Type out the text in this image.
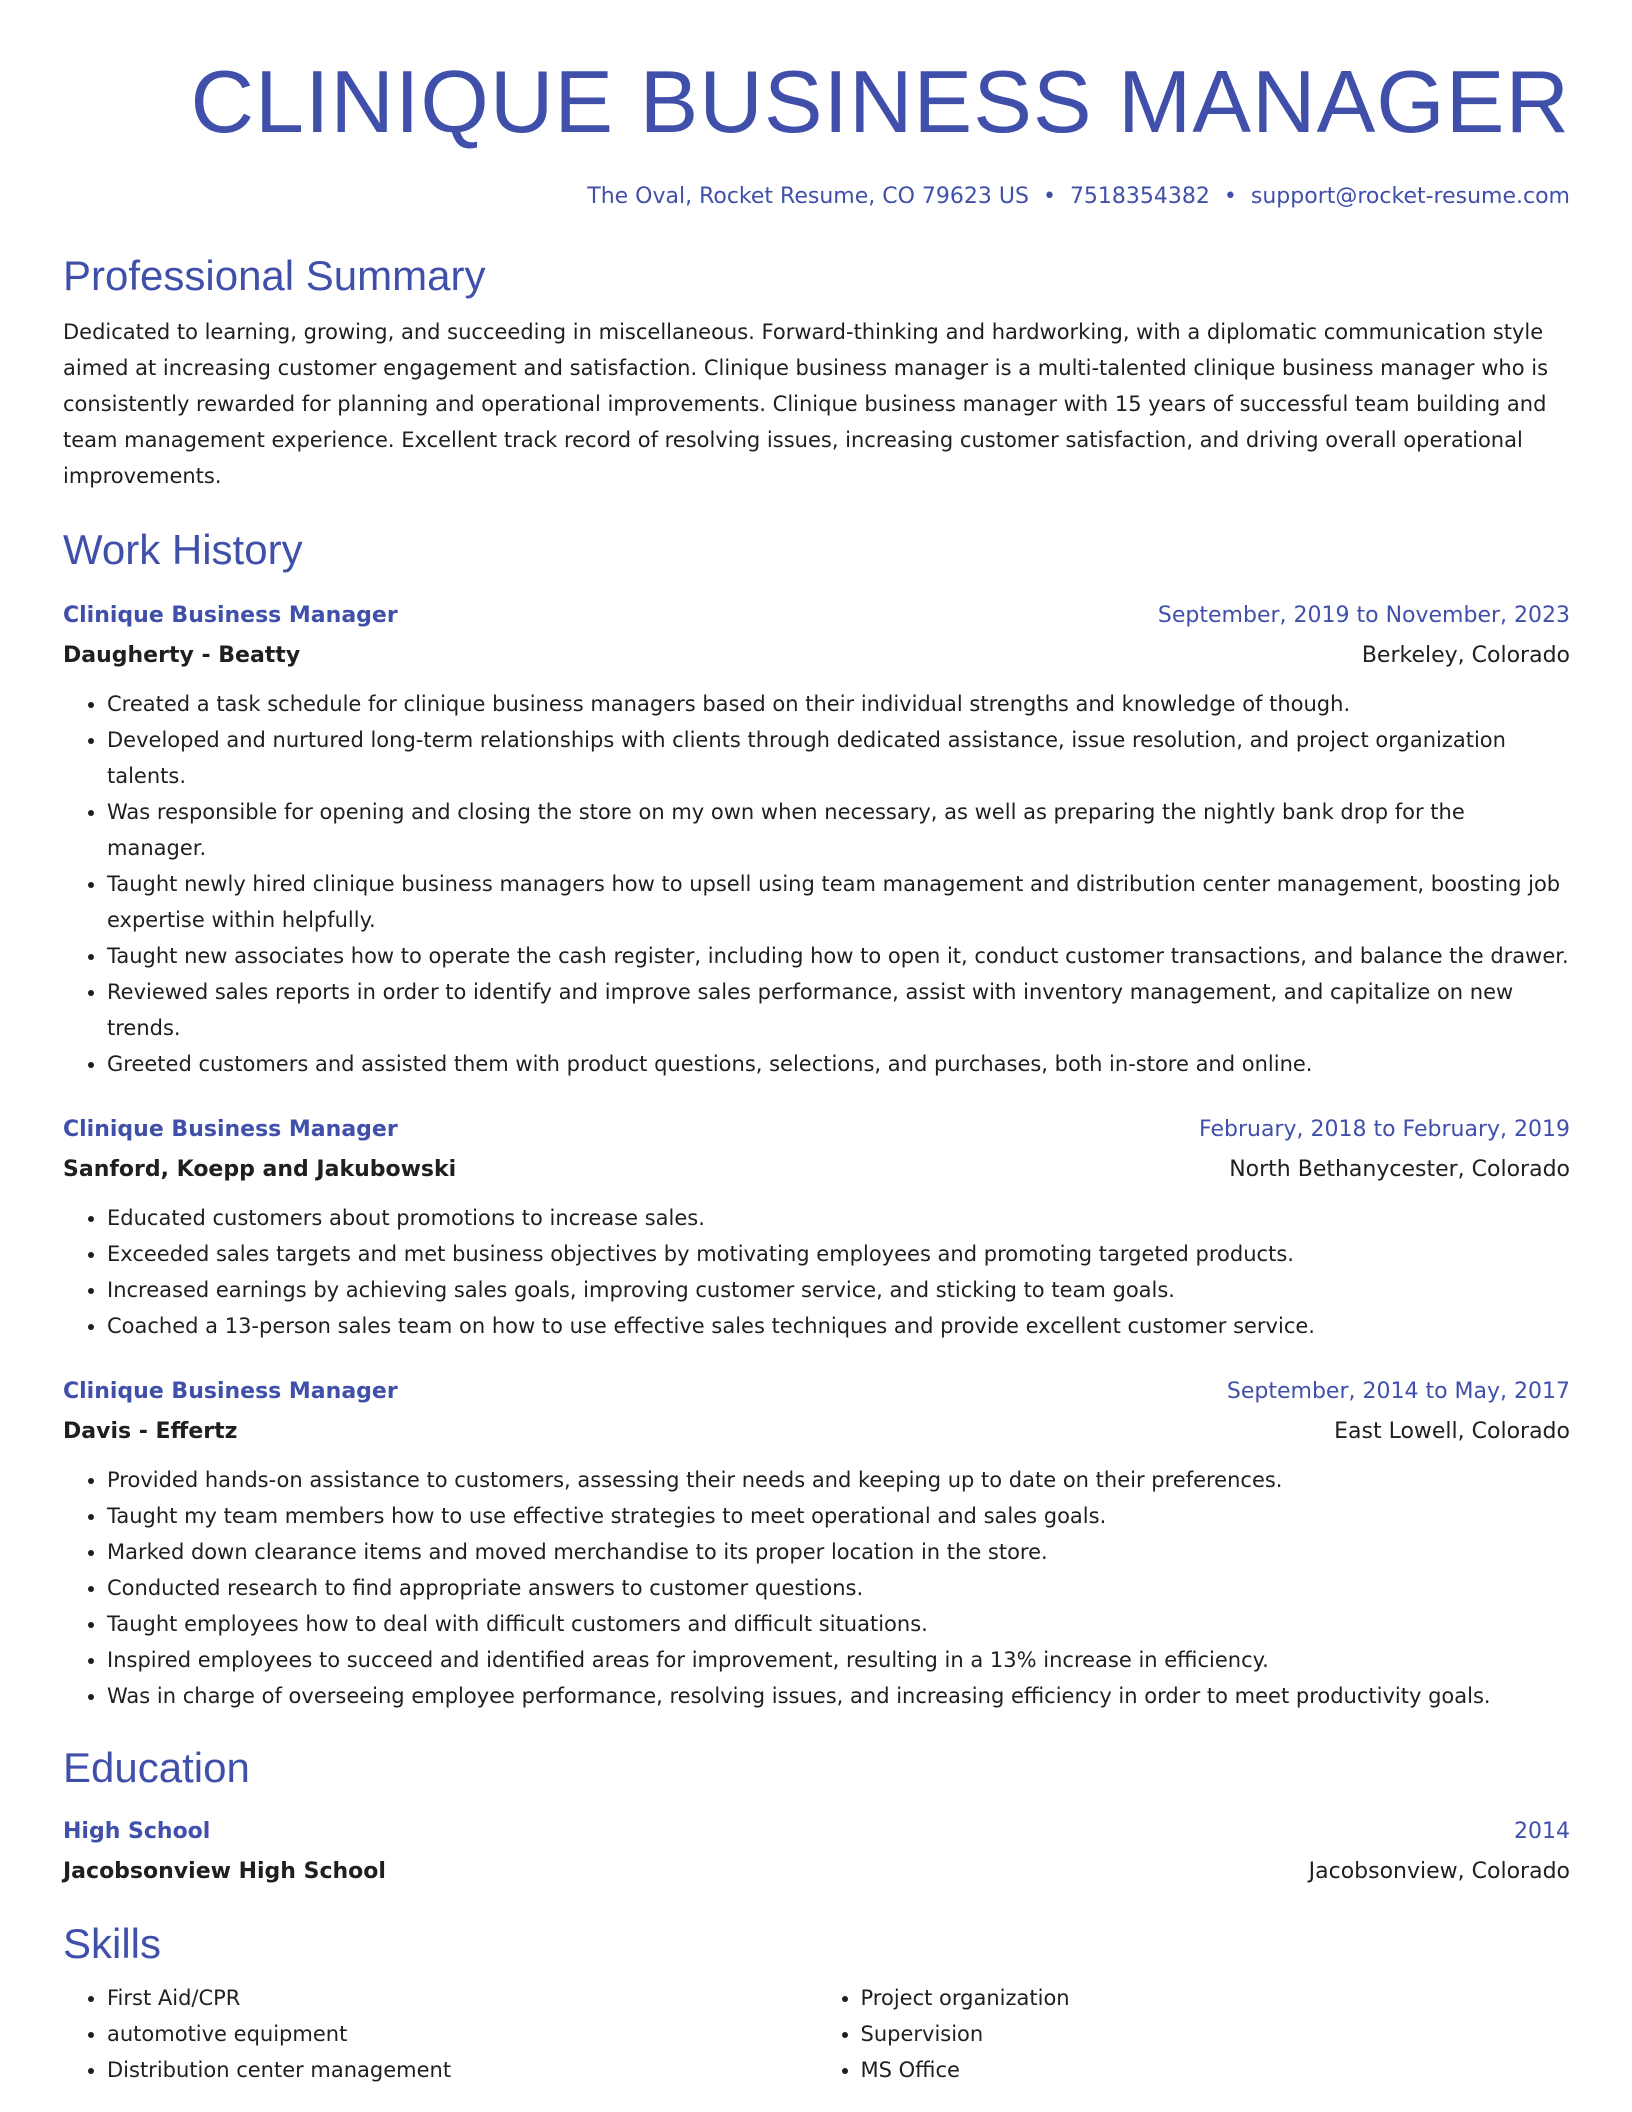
CLINIQUE BUSINESS MANAGER
The Oval, Rocket Resume, CO 79623 US • 7518354382 • support@rocket-resume.com
Professional Summary
Dedicated to learning, growing, and succeeding in miscellaneous. Forward-thinking and hardworking, with a diplomatic communication style aimed at increasing customer engagement and satisfaction. Clinique business manager is a multi-talented clinique business manager who is consistently rewarded for planning and operational improvements. Clinique business manager with 15 years of successful team building and team management experience. Excellent track record of resolving issues, increasing customer satisfaction, and driving overall operational improvements.
Work History
Clinique Business Manager	September, 2019 to November, 2023
Daugherty - Beatty	Berkeley, Colorado
• Created a task schedule for clinique business managers based on their individual strengths and knowledge of though.
• Developed and nurtured long-term relationships with clients through dedicated assistance, issue resolution, and project organization talents.
• Was responsible for opening and closing the store on my own when necessary, as well as preparing the nightly bank drop for the manager.
• Taught newly hired clinique business managers how to upsell using team management and distribution center management, boosting job expertise within helpfully.
• Taught new associates how to operate the cash register, including how to open it, conduct customer transactions, and balance the drawer.
• Reviewed sales reports in order to identify and improve sales performance, assist with inventory management, and capitalize on new trends.
• Greeted customers and assisted them with product questions, selections, and purchases, both in-store and online.
Clinique Business Manager	February, 2018 to February, 2019
Sanford, Koepp and Jakubowski	North Bethanycester, Colorado
• Educated customers about promotions to increase sales.
• Exceeded sales targets and met business objectives by motivating employees and promoting targeted products.
• Increased earnings by achieving sales goals, improving customer service, and sticking to team goals.
• Coached a 13-person sales team on how to use effective sales techniques and provide excellent customer service.
Clinique Business Manager	September, 2014 to May, 2017
Davis - Effertz	East Lowell, Colorado
• Provided hands-on assistance to customers, assessing their needs and keeping up to date on their preferences.
• Taught my team members how to use effective strategies to meet operational and sales goals.
• Marked down clearance items and moved merchandise to its proper location in the store.
• Conducted research to find appropriate answers to customer questions.
• Taught employees how to deal with difficult customers and difficult situations.
• Inspired employees to succeed and identified areas for improvement, resulting in a 13% increase in efficiency.
• Was in charge of overseeing employee performance, resolving issues, and increasing efficiency in order to meet productivity goals.
Education
High School	2014
Jacobsonview High School	Jacobsonview, Colorado
Skills
• First Aid/CPR
• automotive equipment
• Distribution center management
• Project organization
• Supervision
• MS Office
